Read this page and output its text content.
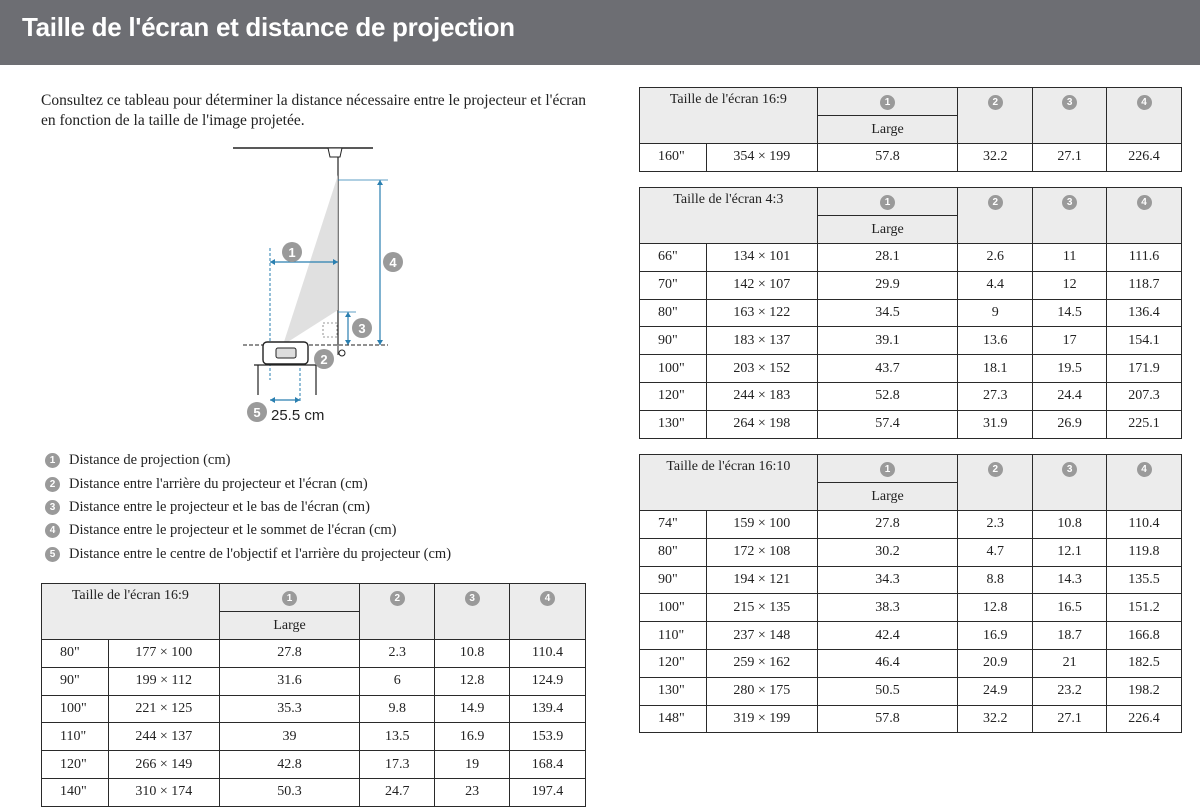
Taille de l'écran et distance de projection

Consultez ce tableau pour déterminer la distance nécessaire entre le projecteur et l'écran en fonction de la taille de l'image projetée.

1
2
3
4
5 25.5 cm
1 Distance de projection (cm)
2 Distance entre l'arrière du projecteur et l'écran (cm)
3 Distance entre le projecteur et le bas de l'écran (cm)
4 Distance entre le projecteur et le sommet de l'écran (cm)
5 Distance entre le centre de l'objectif et l'arrière du projecteur (cm)
Taille de l'écran 16:9		1	2	3	4
		Large			
80"	177 × 100	27.8	2.3	10.8	110.4
90"	199 × 112	31.6	6	12.8	124.9
100"	221 × 125	35.3	9.8	14.9	139.4
110"	244 × 137	39	13.5	16.9	153.9
120"	266 × 149	42.8	17.3	19	168.4
140"	310 × 174	50.3	24.7	23	197.4
Taille de l'écran 16:9		1	2	3	4
		Large			
160"	354 × 199	57.8	32.2	27.1	226.4
Taille de l'écran 4:3		1	2	3	4
		Large			
66"	134 × 101	28.1	2.6	11	111.6
70"	142 × 107	29.9	4.4	12	118.7
80"	163 × 122	34.5	9	14.5	136.4
90"	183 × 137	39.1	13.6	17	154.1
100"	203 × 152	43.7	18.1	19.5	171.9
120"	244 × 183	52.8	27.3	24.4	207.3
130"	264 × 198	57.4	31.9	26.9	225.1
Taille de l'écran 16:10		1	2	3	4
		Large			
74"	159 × 100	27.8	2.3	10.8	110.4
80"	172 × 108	30.2	4.7	12.1	119.8
90"	194 × 121	34.3	8.8	14.3	135.5
100"	215 × 135	38.3	12.8	16.5	151.2
110"	237 × 148	42.4	16.9	18.7	166.8
120"	259 × 162	46.4	20.9	21	182.5
130"	280 × 175	50.5	24.9	23.2	198.2
148"	319 × 199	57.8	32.2	27.1	226.4
